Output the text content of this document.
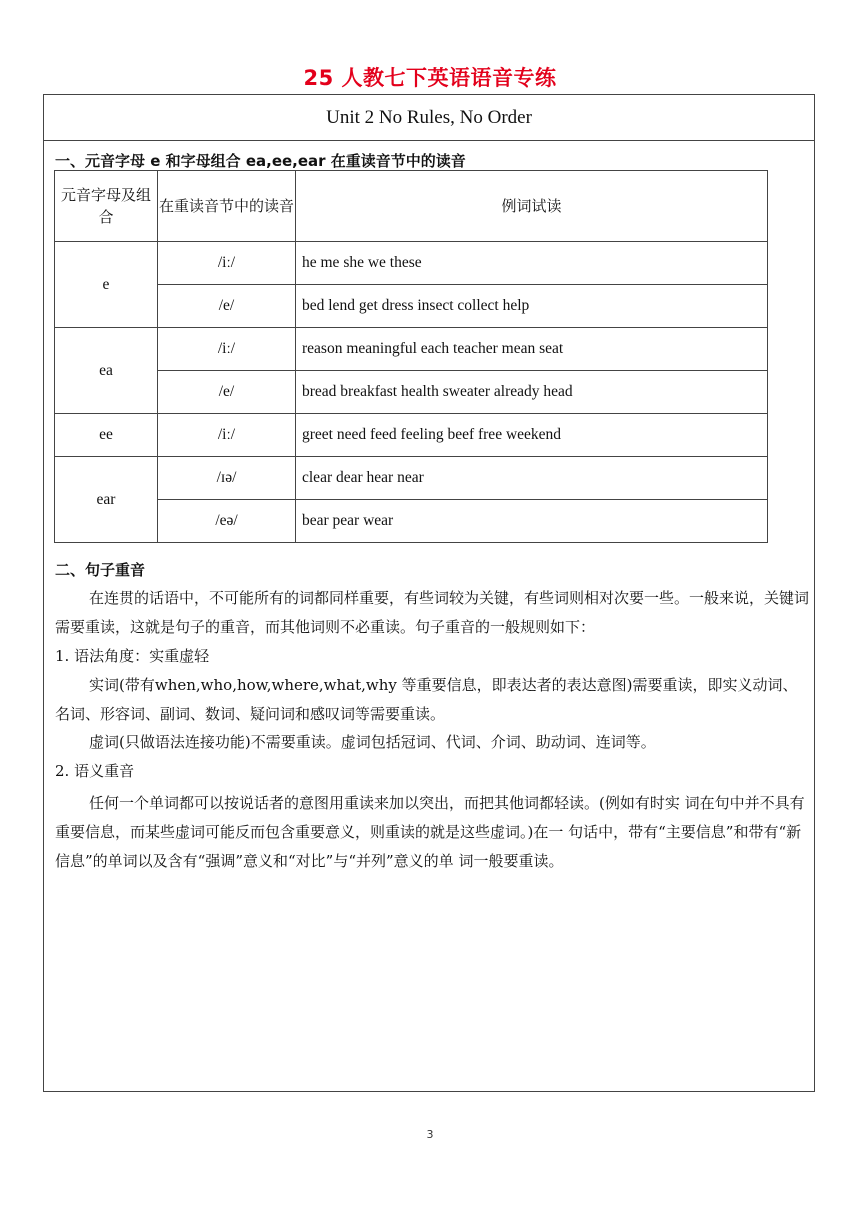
25 人教七下英语语音专练
Unit 2 No Rules, No Order
一、元音字母 e 和字母组合 ea,ee,ear 在重读音节中的读音
元音字母及组合	在重读音节中的读音	例词试读
e	/iː/	he me she we these
	/e/	bed lend get dress insect collect help
ea	/iː/	reason meaningful each teacher mean seat
	/e/	bread breakfast health sweater already head
ee	/iː/	greet need feed feeling beef free weekend
ear	/ɪə/	clear dear hear near
	/eə/	bear pear wear
二、句子重音
在连贯的话语中，不可能所有的词都同样重要，有些词较为关键，有些词则相对次要一些。一般来说，关键词需要重读，这就是句子的重音，而其他词则不必重读。句子重音的一般规则如下：
1. 语法角度：实重虚轻
实词(带有when,who,how,where,what,why 等重要信息，即表达者的表达意图)需要重读，即实义动词、名词、形容词、副词、数词、疑问词和感叹词等需要重读。
虚词(只做语法连接功能)不需要重读。虚词包括冠词、代词、介词、助动词、连词等。
2. 语义重音
任何一个单词都可以按说话者的意图用重读来加以突出，而把其他词都轻读。(例如有时实 词在句中并不具有重要信息，而某些虚词可能反而包含重要意义，则重读的就是这些虚词。)在一 句话中，带有“主要信息”和带有“新信息”的单词以及含有“强调”意义和“对比”与“并列”意义的单 词一般要重读。
3
